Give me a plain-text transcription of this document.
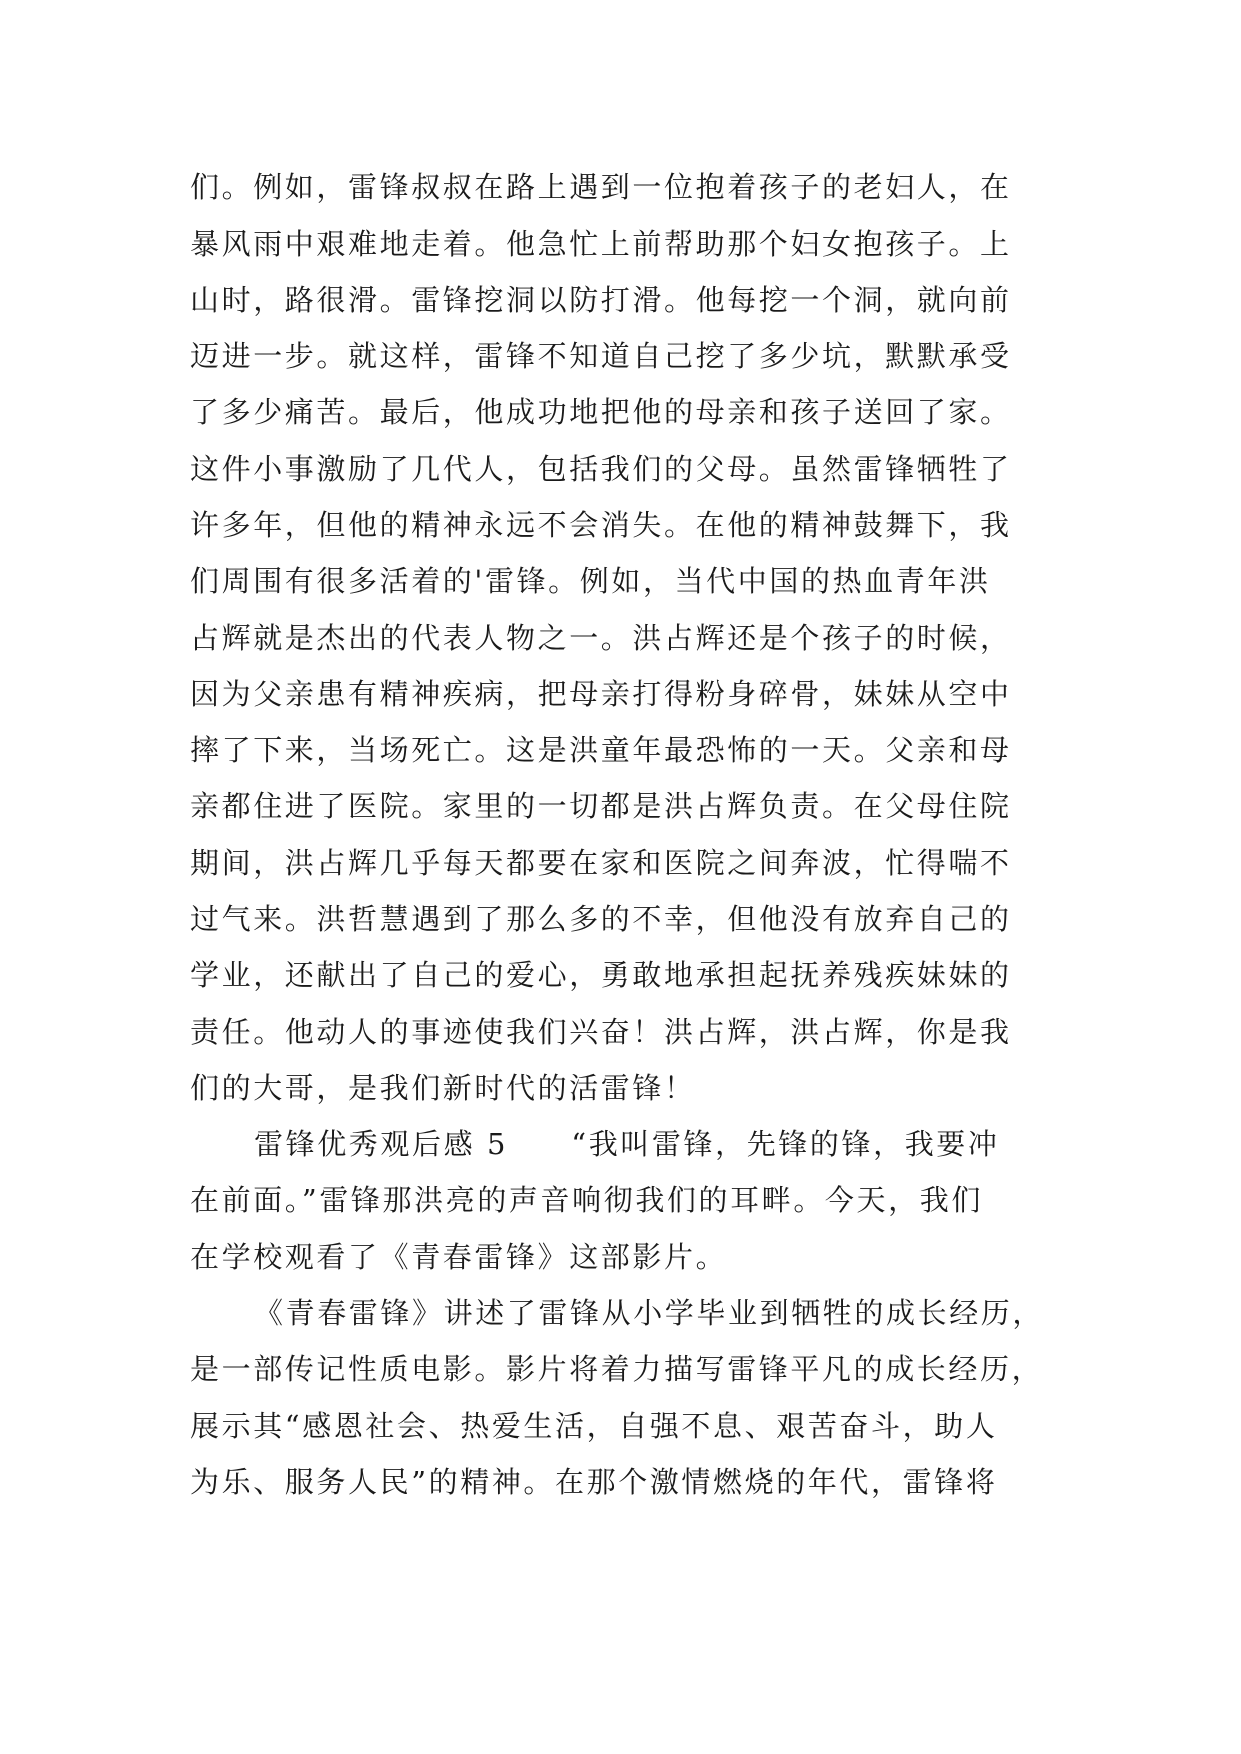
们。例如，雷锋叔叔在路上遇到一位抱着孩子的老妇人，在
暴风雨中艰难地走着。他急忙上前帮助那个妇女抱孩子。上
山时，路很滑。雷锋挖洞以防打滑。他每挖一个洞，就向前
迈进一步。就这样，雷锋不知道自己挖了多少坑，默默承受
了多少痛苦。最后，他成功地把他的母亲和孩子送回了家。
这件小事激励了几代人，包括我们的父母。虽然雷锋牺牲了
许多年，但他的精神永远不会消失。在他的精神鼓舞下，我
们周围有很多活着的'雷锋。例如，当代中国的热血青年洪
占辉就是杰出的代表人物之一。洪占辉还是个孩子的时候，
因为父亲患有精神疾病，把母亲打得粉身碎骨，妹妹从空中
摔了下来，当场死亡。这是洪童年最恐怖的一天。父亲和母
亲都住进了医院。家里的一切都是洪占辉负责。在父母住院
期间，洪占辉几乎每天都要在家和医院之间奔波，忙得喘不
过气来。洪哲慧遇到了那么多的不幸，但他没有放弃自己的
学业，还献出了自己的爱心，勇敢地承担起抚养残疾妹妹的
责任。他动人的事迹使我们兴奋！洪占辉，洪占辉，你是我
们的大哥，是我们新时代的活雷锋！
雷锋优秀观后感 5　　“我叫雷锋，先锋的锋，我要冲
在前面。”雷锋那洪亮的声音响彻我们的耳畔。今天，我们
在学校观看了《青春雷锋》这部影片。
《青春雷锋》讲述了雷锋从小学毕业到牺牲的成长经历，
是一部传记性质电影。影片将着力描写雷锋平凡的成长经历，
展示其“感恩社会、热爱生活，自强不息、艰苦奋斗，助人
为乐、服务人民”的精神。在那个激情燃烧的年代，雷锋将
